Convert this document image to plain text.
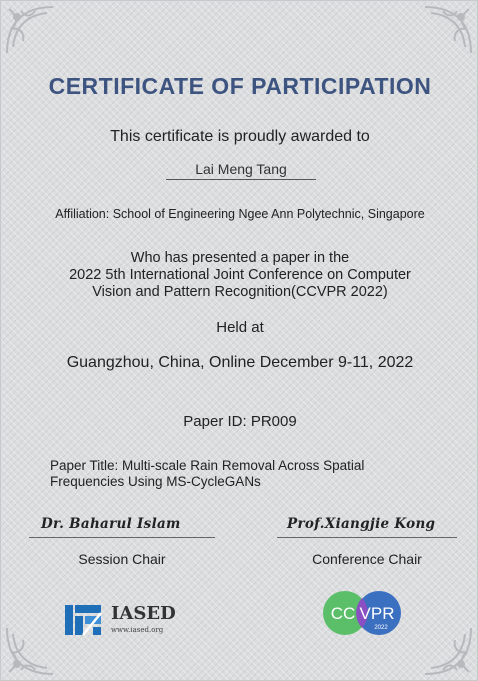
CERTIFICATE OF PARTICIPATION
This certificate is proudly awarded to
Lai Meng Tang
Affiliation: School of Engineering Ngee Ann Polytechnic, Singapore
Who has presented a paper in the
2022 5th International Joint Conference on Computer
Vision and Pattern Recognition(CCVPR 2022)
Held at
Guangzhou, China, Online December 9-11, 2022
Paper ID: PR009
Paper Title: Multi-scale Rain Removal Across Spatial
Frequencies Using MS-CycleGANs
Dr. Baharul Islam	Prof.Xiangjie Kong
Session Chair	Conference Chair
IASED
www.iased.org
CC VPR
2022
